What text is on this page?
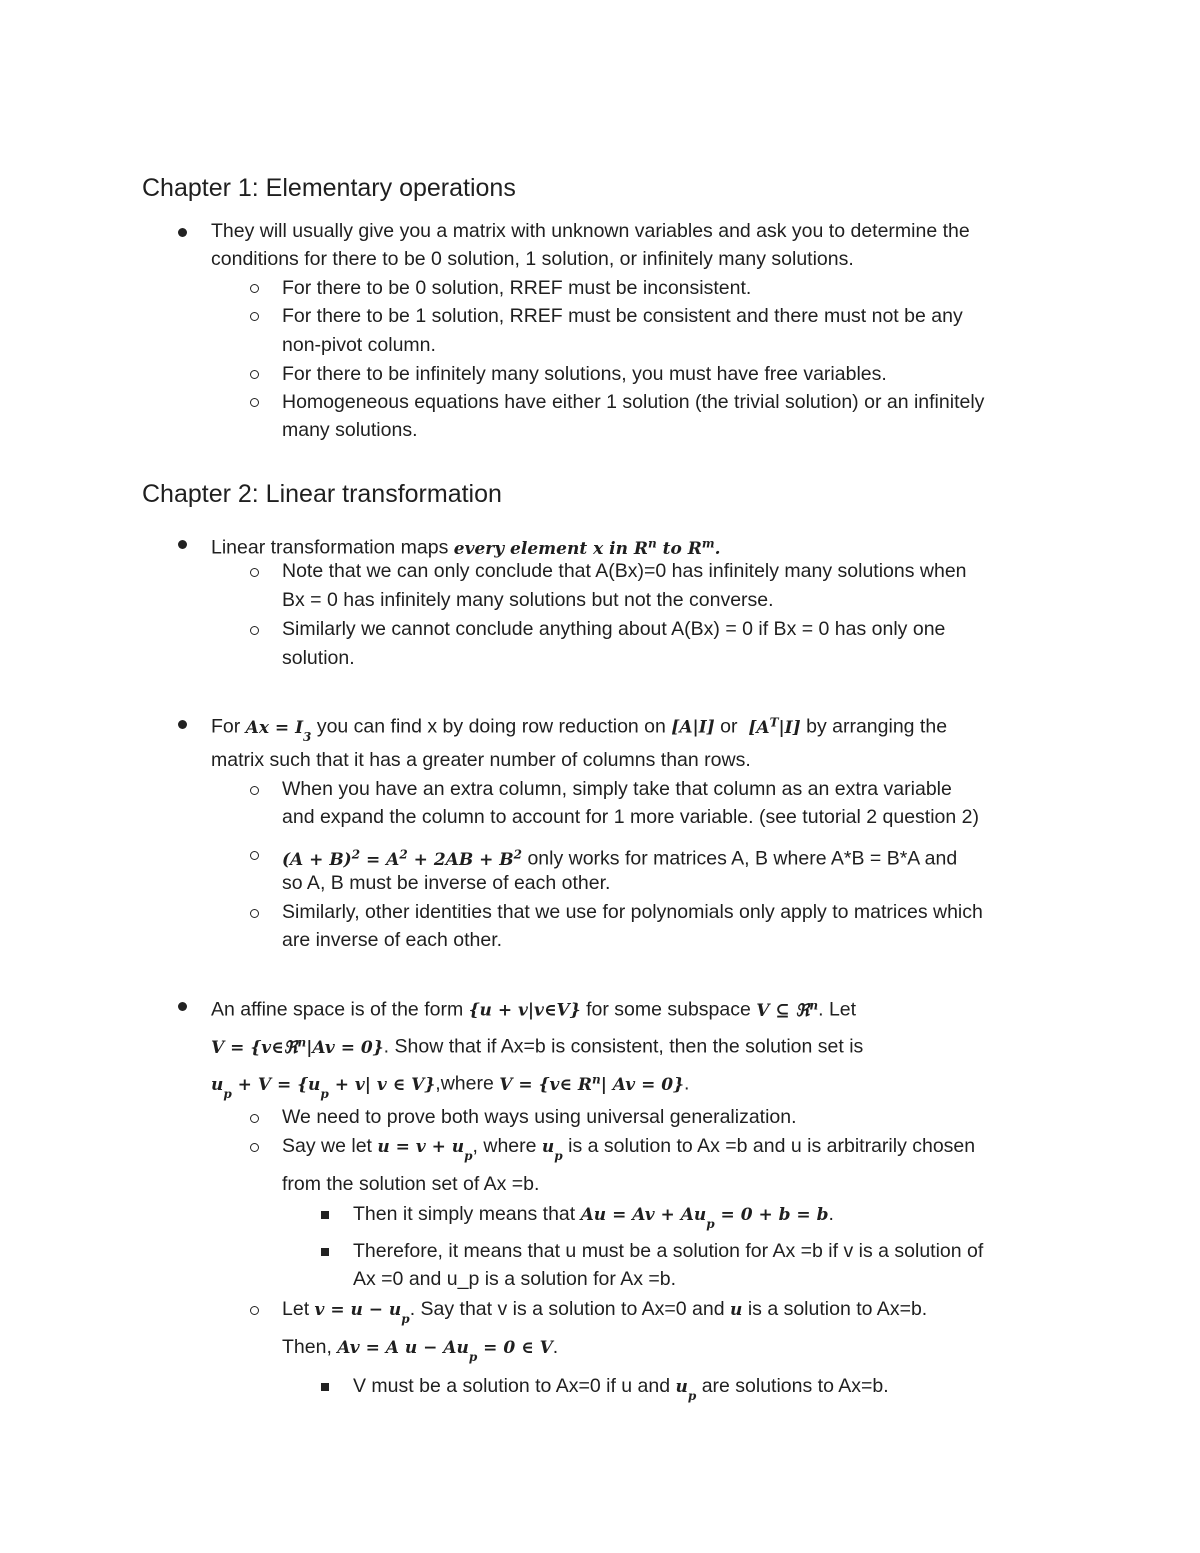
Chapter 1: Elementary operations
They will usually give you a matrix with unknown variables and ask you to determine the
conditions for there to be 0 solution, 1 solution, or infinitely many solutions.
For there to be 0 solution, RREF must be inconsistent.
For there to be 1 solution, RREF must be consistent and there must not be any
non-pivot column.
For there to be infinitely many solutions, you must have free variables.
Homogeneous equations have either 1 solution (the trivial solution) or an infinitely
many solutions.
Chapter 2: Linear transformation
Linear transformation maps every element x in $R^n$ to $R^m$.
Note that we can only conclude that A(Bx)=0 has infinitely many solutions when
Bx = 0 has infinitely many solutions but not the converse.
Similarly we cannot conclude anything about A(Bx) = 0 if Bx = 0 has only one
solution.
For $Ax = I_3$ you can find x by doing row reduction on [A|I] or $[A^T|I]$ by arranging the
matrix such that it has a greater number of columns than rows.
When you have an extra column, simply take that column as an extra variable
and expand the column to account for 1 more variable. (see tutorial 2 question 2)
$(A + B)^2 = A^2 + 2AB + B^2$ only works for matrices A, B where A*B = B*A and
so A, B must be inverse of each other.
Similarly, other identities that we use for polynomials only apply to matrices which
are inverse of each other.
An affine space is of the form {u + v|v∈V} for some subspace V ⊆ ℜ$^n$. Let
V = {v∈ℜ$^n$|Av = 0}. Show that if Ax=b is consistent, then the solution set is
$u_p + V = \{u_p + v|$ v ∈ V},where V = {v∈ $R^n|$ Av = 0}.
We need to prove both ways using universal generalization.
Say we let $u = v + u_p$, where $u_p$ is a solution to Ax =b and u is arbitrarily chosen
from the solution set of Ax =b.
Then it simply means that $Au = Av + Au_p = 0 + b = b$.
Therefore, it means that u must be a solution for Ax =b if v is a solution of
Ax =0 and u_p is a solution for Ax =b.
Let $v = u - u_p$. Say that v is a solution to Ax=0 and u is a solution to Ax=b.
Then, Av = A $u - Au_p = 0$ ∈ V.
V must be a solution to Ax=0 if u and $u_p$ are solutions to Ax=b.
